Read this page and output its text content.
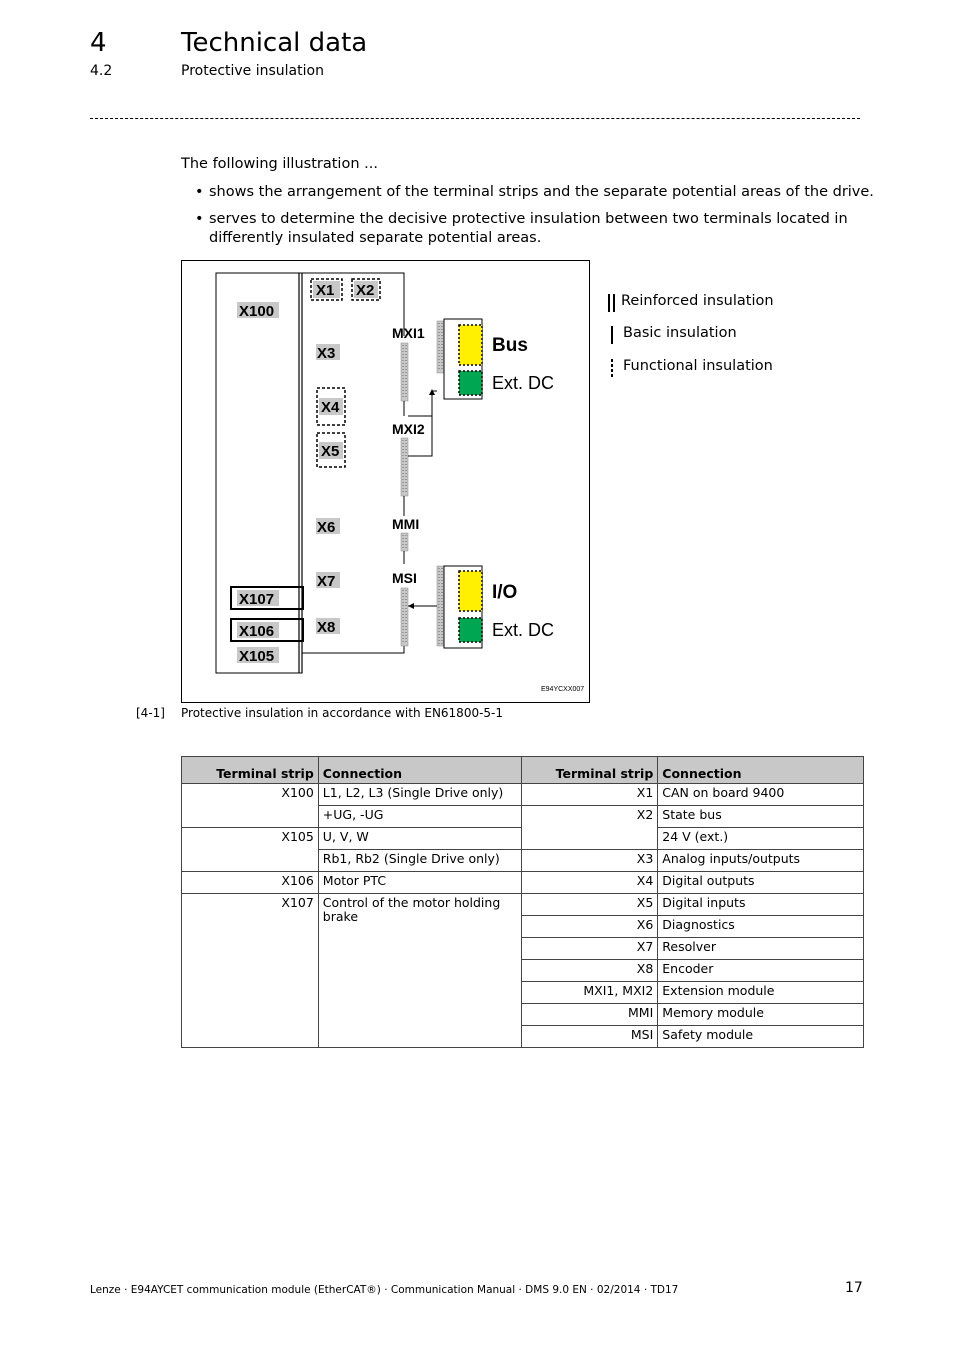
4	Technical data
4.2	Protective insulation
The following illustration ...
• shows the arrangement of the terminal strips and the separate potential areas of the drive.
• serves to determine the decisive protective insulation between two terminals located in
differently insulated separate potential areas.
X100
X1 X2
X3
X4
X5
X6
X7
X8
X107
X106
X105
MXI1
MXI2
MMI
MSI
Bus
Ext. DC
I/O
Ext. DC
E94YCXX007
Reinforced insulation
Basic insulation
Functional insulation
[4-1] Protective insulation in accordance with EN61800-5-1
Terminal strip	Connection	Terminal strip	Connection
X100	L1, L2, L3 (Single Drive only)	X1	CAN on board 9400
	+UG, -UG	X2	State bus
X105	U, V, W		24 V (ext.)
	Rb1, Rb2 (Single Drive only)	X3	Analog inputs/outputs
X106	Motor PTC	X4	Digital outputs
X107	Control of the motor holding brake	X5	Digital inputs
		X6	Diagnostics
		X7	Resolver
		X8	Encoder
		MXI1, MXI2	Extension module
		MMI	Memory module
		MSI	Safety module
Lenze · E94AYCET communication module (EtherCAT®) · Communication Manual · DMS 9.0 EN · 02/2014 · TD17	17
